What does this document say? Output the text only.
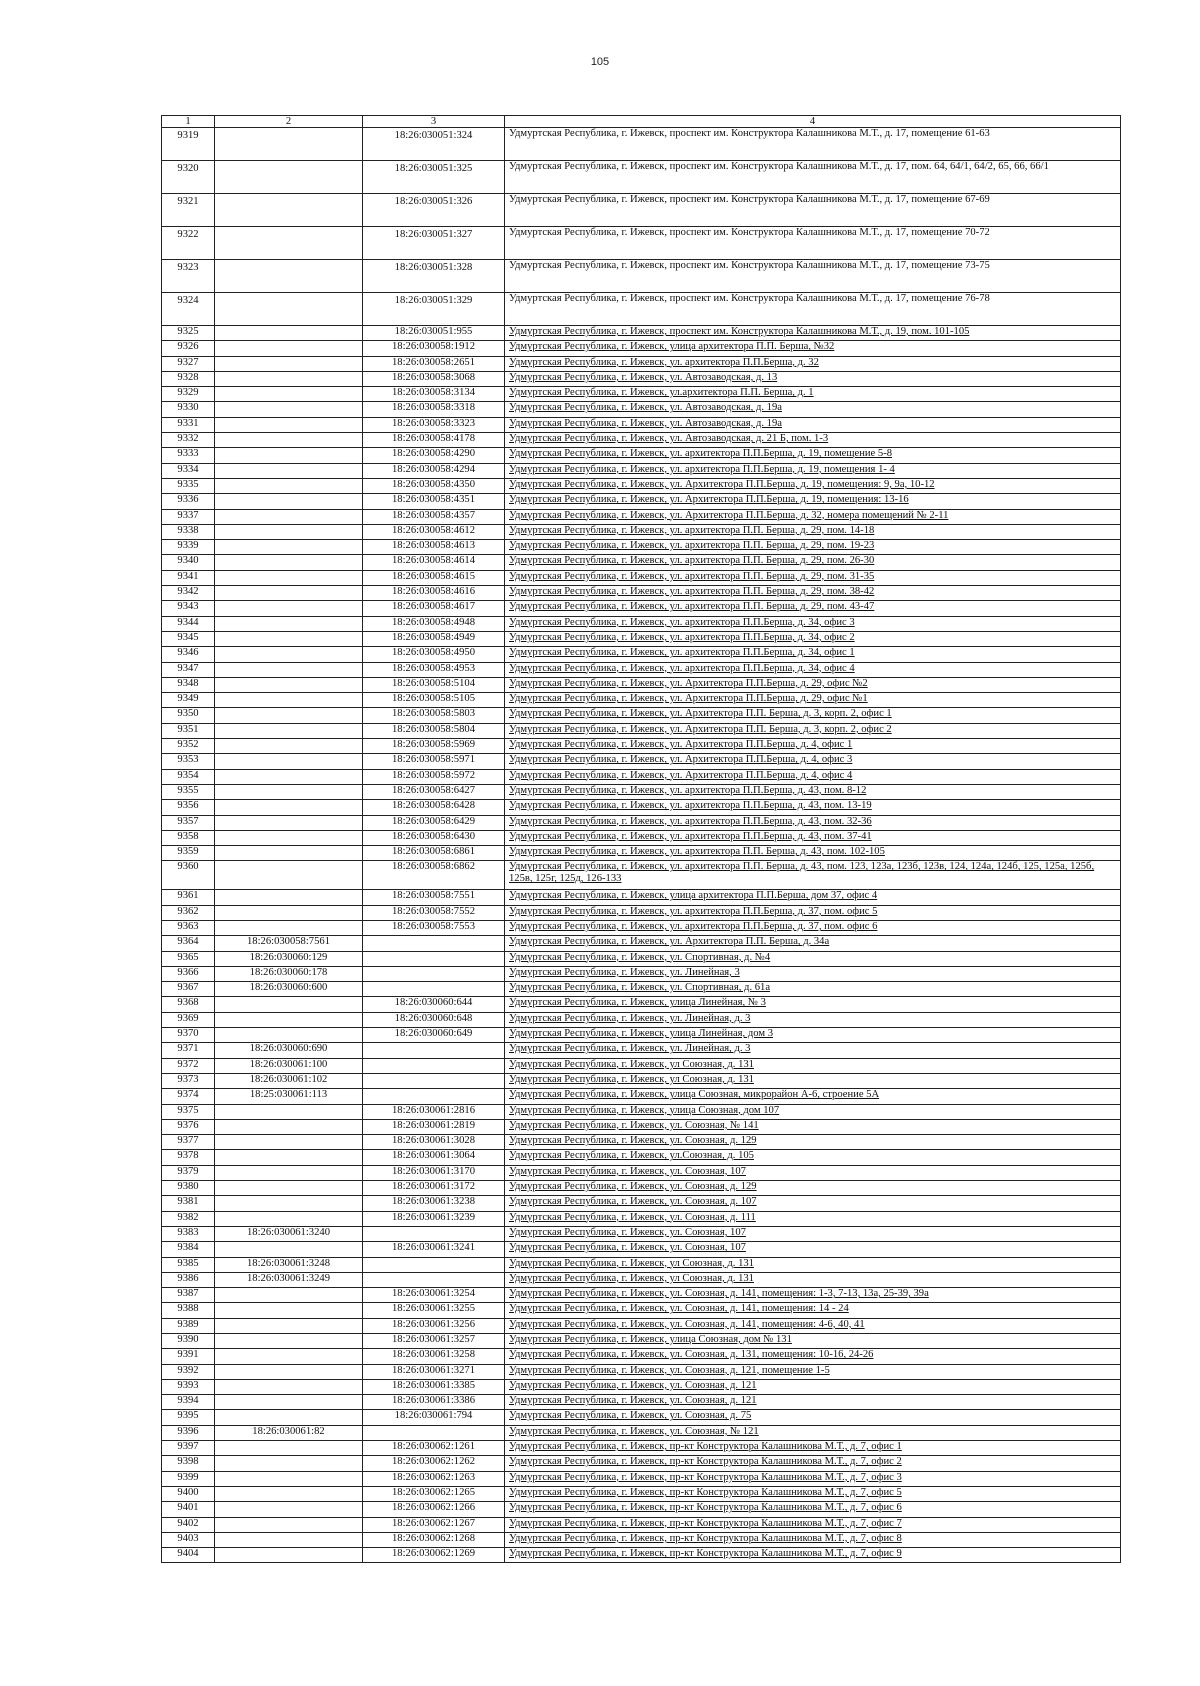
105
1	2	3	4
9319		18:26:030051:324	Удмуртская Республика, г. Ижевск, проспект им. Конструктора Калашникова М.Т., д. 17, помещение 61-63
9320		18:26:030051:325	Удмуртская Республика, г. Ижевск, проспект им. Конструктора Калашникова М.Т., д. 17, пом. 64, 64/1, 64/2, 65, 66, 66/1
9321		18:26:030051:326	Удмуртская Республика, г. Ижевск, проспект им. Конструктора Калашникова М.Т., д. 17, помещение 67-69
9322		18:26:030051:327	Удмуртская Республика, г. Ижевск, проспект им. Конструктора Калашникова М.Т., д. 17, помещение 70-72
9323		18:26:030051:328	Удмуртская Республика, г. Ижевск, проспект им. Конструктора Калашникова М.Т., д. 17, помещение 73-75
9324		18:26:030051:329	Удмуртская Республика, г. Ижевск, проспект им. Конструктора Калашникова М.Т., д. 17, помещение 76-78
9325		18:26:030051:955	Удмуртская Республика, г. Ижевск, проспект им. Конструктора Калашникова М.Т., д. 19, пом. 101-105
9326		18:26:030058:1912	Удмуртская Республика, г. Ижевск, улица архитектора П.П. Берша, №32
9327		18:26:030058:2651	Удмуртская Республика, г. Ижевск, ул. архитектора П.П.Берша, д. 32
9328		18:26:030058:3068	Удмуртская Республика, г. Ижевск, ул. Автозаводская, д. 13
9329		18:26:030058:3134	Удмуртская Республика, г. Ижевск, ул.архитектора П.П. Берша, д. 1
9330		18:26:030058:3318	Удмуртская Республика, г. Ижевск, ул. Автозаводская, д. 19а
9331		18:26:030058:3323	Удмуртская Республика, г. Ижевск, ул. Автозаводская, д. 19а
9332		18:26:030058:4178	Удмуртская Республика, г. Ижевск, ул. Автозаводская, д. 21 Б, пом. 1-3
9333		18:26:030058:4290	Удмуртская Республика, г. Ижевск, ул. архитектора П.П.Берша, д. 19, помещение 5-8
9334		18:26:030058:4294	Удмуртская Республика, г. Ижевск, ул. архитектора П.П.Берша, д. 19, помещения 1- 4
9335		18:26:030058:4350	Удмуртская Республика, г. Ижевск, ул. Архитектора П.П.Берша, д. 19, помещения: 9, 9а, 10-12
9336		18:26:030058:4351	Удмуртская Республика, г. Ижевск, ул. Архитектора П.П.Берша, д. 19, помещения: 13-16
9337		18:26:030058:4357	Удмуртская Республика, г. Ижевск, ул. Архитектора П.П.Берша, д. 32, номера помещений № 2-11
9338		18:26:030058:4612	Удмуртская Республика, г. Ижевск, ул. архитектора П.П. Берша, д. 29, пом. 14-18
9339		18:26:030058:4613	Удмуртская Республика, г. Ижевск, ул. архитектора П.П. Берша, д. 29, пом. 19-23
9340		18:26:030058:4614	Удмуртская Республика, г. Ижевск, ул. архитектора П.П. Берша, д. 29, пом. 26-30
9341		18:26:030058:4615	Удмуртская Республика, г. Ижевск, ул. архитектора П.П. Берша, д. 29, пом. 31-35
9342		18:26:030058:4616	Удмуртская Республика, г. Ижевск, ул. архитектора П.П. Берша, д. 29, пом. 38-42
9343		18:26:030058:4617	Удмуртская Республика, г. Ижевск, ул. архитектора П.П. Берша, д. 29, пом. 43-47
9344		18:26:030058:4948	Удмуртская Республика, г. Ижевск, ул. архитектора П.П.Берша, д. 34, офис 3
9345		18:26:030058:4949	Удмуртская Республика, г. Ижевск, ул. архитектора П.П.Берша, д. 34, офис 2
9346		18:26:030058:4950	Удмуртская Республика, г. Ижевск, ул. архитектора П.П.Берша, д. 34, офис 1
9347		18:26:030058:4953	Удмуртская Республика, г. Ижевск, ул. архитектора П.П.Берша, д. 34, офис 4
9348		18:26:030058:5104	Удмуртская Республика, г. Ижевск, ул. Архитектора П.П.Берша, д. 29, офис №2
9349		18:26:030058:5105	Удмуртская Республика, г. Ижевск, ул. Архитектора П.П.Берша, д. 29, офис №1
9350		18:26:030058:5803	Удмуртская Республика, г. Ижевск, ул. Архитектора П.П. Берша, д. 3, корп. 2, офис 1
9351		18:26:030058:5804	Удмуртская Республика, г. Ижевск, ул. Архитектора П.П. Берша, д. 3, корп. 2, офис 2
9352		18:26:030058:5969	Удмуртская Республика, г. Ижевск, ул. Архитектора П.П.Берша, д. 4, офис 1
9353		18:26:030058:5971	Удмуртская Республика, г. Ижевск, ул. Архитектора П.П.Берша, д. 4, офис 3
9354		18:26:030058:5972	Удмуртская Республика, г. Ижевск, ул. Архитектора П.П.Берша, д. 4, офис 4
9355		18:26:030058:6427	Удмуртская Республика, г. Ижевск, ул. архитектора П.П.Берша, д. 43, пом. 8-12
9356		18:26:030058:6428	Удмуртская Республика, г. Ижевск, ул. архитектора П.П.Берша, д. 43, пом. 13-19
9357		18:26:030058:6429	Удмуртская Республика, г. Ижевск, ул. архитектора П.П.Берша, д. 43, пом. 32-36
9358		18:26:030058:6430	Удмуртская Республика, г. Ижевск, ул. архитектора П.П.Берша, д. 43, пом. 37-41
9359		18:26:030058:6861	Удмуртская Республика, г. Ижевск, ул. архитектора П.П. Берша, д. 43, пом. 102-105
9360		18:26:030058:6862	Удмуртская Республика, г. Ижевск, ул. архитектора П.П. Берша, д. 43, пом. 123, 123а, 123б, 123в, 124, 124а, 124б, 125, 125а, 125б, 125в, 125г, 125д, 126-133
9361		18:26:030058:7551	Удмуртская Республика, г. Ижевск, улица архитектора П.П.Берша, дом 37, офис 4
9362		18:26:030058:7552	Удмуртская Республика, г. Ижевск, ул. архитектора П.П.Берша, д. 37, пом. офис 5
9363		18:26:030058:7553	Удмуртская Республика, г. Ижевск, ул. архитектора П.П.Берша, д. 37, пом. офис 6
9364	18:26:030058:7561		Удмуртская Республика, г. Ижевск, ул. Архитектора П.П. Берша, д. 34а
9365	18:26:030060:129		Удмуртская Республика, г. Ижевск, ул. Спортивная, д. №4
9366	18:26:030060:178		Удмуртская Республика, г. Ижевск, ул. Линейная, 3
9367	18:26:030060:600		Удмуртская Республика, г. Ижевск, ул. Спортивная, д. 61а
9368		18:26:030060:644	Удмуртская Республика, г. Ижевск, улица Линейная, № 3
9369		18:26:030060:648	Удмуртская Республика, г. Ижевск, ул. Линейная, д. 3
9370		18:26:030060:649	Удмуртская Республика, г. Ижевск, улица Линейная, дом 3
9371	18:26:030060:690		Удмуртская Республика, г. Ижевск, ул. Линейная, д. 3
9372	18:26:030061:100		Удмуртская Республика, г. Ижевск, ул Союзная, д. 131
9373	18:26:030061:102		Удмуртская Республика, г. Ижевск, ул Союзная, д. 131
9374	18:25:030061:113		Удмуртская Республика, г. Ижевск, улица Союзная, микрорайон А-6, строение 5А
9375		18:26:030061:2816	Удмуртская Республика, г. Ижевск, улица Союзная, дом 107
9376		18:26:030061:2819	Удмуртская Республика, г. Ижевск, ул. Союзная, № 141
9377		18:26:030061:3028	Удмуртская Республика, г. Ижевск, ул. Союзная, д. 129
9378		18:26:030061:3064	Удмуртская Республика, г. Ижевск, ул.Союзная, д. 105
9379		18:26:030061:3170	Удмуртская Республика, г. Ижевск, ул. Союзная, 107
9380		18:26:030061:3172	Удмуртская Республика, г. Ижевск, ул. Союзная, д. 129
9381		18:26:030061:3238	Удмуртская Республика, г. Ижевск, ул. Союзная, д. 107
9382		18:26:030061:3239	Удмуртская Республика, г. Ижевск, ул. Союзная, д. 111
9383	18:26:030061:3240		Удмуртская Республика, г. Ижевск, ул. Союзная, 107
9384		18:26:030061:3241	Удмуртская Республика, г. Ижевск, ул. Союзная, 107
9385	18:26:030061:3248		Удмуртская Республика, г. Ижевск, ул Союзная, д. 131
9386	18:26:030061:3249		Удмуртская Республика, г. Ижевск, ул Союзная, д. 131
9387		18:26:030061:3254	Удмуртская Республика, г. Ижевск, ул. Союзная, д. 141, помещения: 1-3, 7-13, 13а, 25-39, 39а
9388		18:26:030061:3255	Удмуртская Республика, г. Ижевск, ул. Союзная, д. 141, помещения: 14 - 24
9389		18:26:030061:3256	Удмуртская Республика, г. Ижевск, ул. Союзная, д. 141, помещения: 4-6, 40, 41
9390		18:26:030061:3257	Удмуртская Республика, г. Ижевск, улица Союзная, дом № 131
9391		18:26:030061:3258	Удмуртская Республика, г. Ижевск, ул. Союзная, д. 131, помещения: 10-16, 24-26
9392		18:26:030061:3271	Удмуртская Республика, г. Ижевск, ул. Союзная, д. 121, помещение 1-5
9393		18:26:030061:3385	Удмуртская Республика, г. Ижевск, ул. Союзная, д. 121
9394		18:26:030061:3386	Удмуртская Республика, г. Ижевск, ул. Союзная, д. 121
9395		18:26:030061:794	Удмуртская Республика, г. Ижевск, ул. Союзная, д. 75
9396	18:26:030061:82		Удмуртская Республика, г. Ижевск, ул. Союзная, № 121
9397		18:26:030062:1261	Удмуртская Республика, г. Ижевск, пр-кт Конструктора Калашникова М.Т., д. 7, офис 1
9398		18:26:030062:1262	Удмуртская Республика, г. Ижевск, пр-кт Конструктора Калашникова М.Т., д. 7, офис 2
9399		18:26:030062:1263	Удмуртская Республика, г. Ижевск, пр-кт Конструктора Калашникова М.Т., д. 7, офис 3
9400		18:26:030062:1265	Удмуртская Республика, г. Ижевск, пр-кт Конструктора Калашникова М.Т., д. 7, офис 5
9401		18:26:030062:1266	Удмуртская Республика, г. Ижевск, пр-кт Конструктора Калашникова М.Т., д. 7, офис 6
9402		18:26:030062:1267	Удмуртская Республика, г. Ижевск, пр-кт Конструктора Калашникова М.Т., д. 7, офис 7
9403		18:26:030062:1268	Удмуртская Республика, г. Ижевск, пр-кт Конструктора Калашникова М.Т., д. 7, офис 8
9404		18:26:030062:1269	Удмуртская Республика, г. Ижевск, пр-кт Конструктора Калашникова М.Т., д. 7, офис 9
